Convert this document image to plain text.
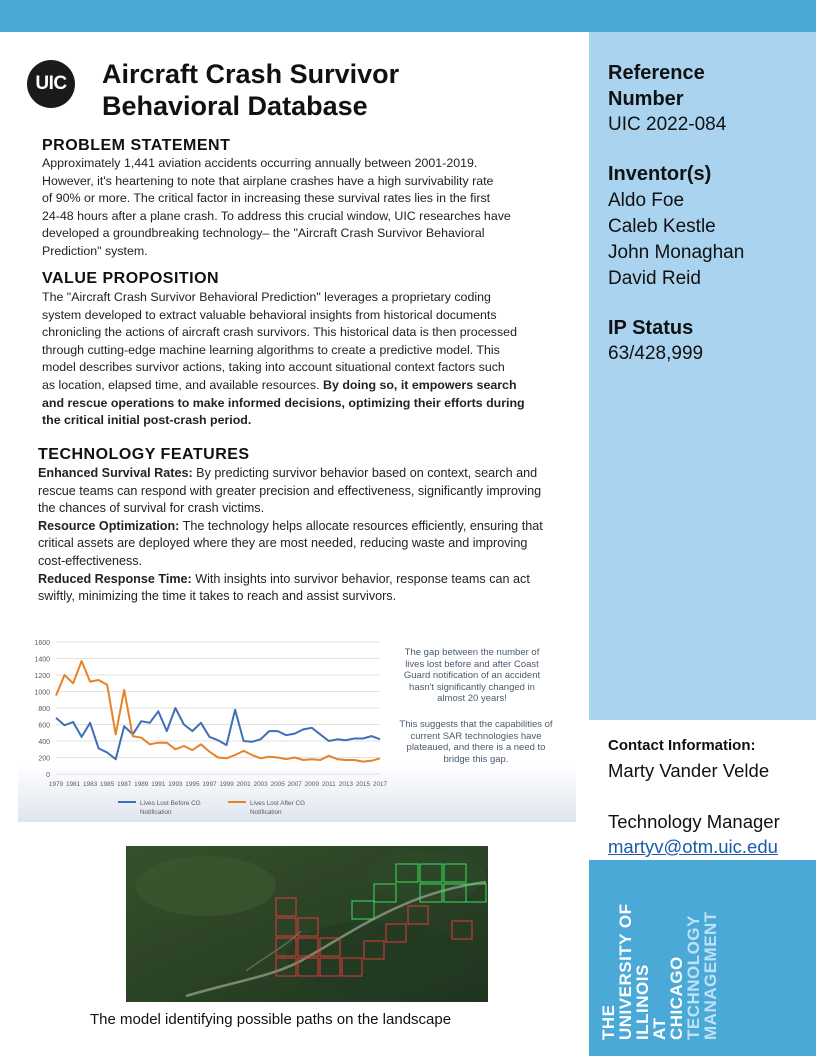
UIC	Aircraft Crash Survivor
Behavioral Database
PROBLEM STATEMENT
Approximately 1,441 aviation accidents occurring annually between 2001-2019.
However, it's heartening to note that airplane crashes have a high survivability rate
of 90% or more. The critical factor in increasing these survival rates lies in the first
24-48 hours after a plane crash. To address this crucial window, UIC researches have
developed a groundbreaking technology– the "Aircraft Crash Survivor Behavioral
Prediction" system.
VALUE PROPOSITION
The "Aircraft Crash Survivor Behavioral Prediction" leverages a proprietary coding
system developed to extract valuable behavioral insights from historical documents
chronicling the actions of aircraft crash survivors. This historical data is then processed
through cutting-edge machine learning algorithms to create a predictive model. This
model describes survivor actions, taking into account situational context factors such
as location, elapsed time, and available resources. By doing so, it empowers search
and rescue operations to make informed decisions, optimizing their efforts during
the critical initial post-crash period.
TECHNOLOGY FEATURES
Enhanced Survival Rates: By predicting survivor behavior based on context, search and
rescue teams can respond with greater precision and effectiveness, significantly improving
the chances of survival for crash victims.
Resource Optimization: The technology helps allocate resources efficiently, ensuring that
critical assets are deployed where they are most needed, reducing waste and improving
cost-effectiveness.
Reduced Response Time: With insights into survivor behavior, response teams can act
swiftly, minimizing the time it takes to reach and assist survivors.
Reference
Number
UIC 2022-084
Inventor(s)
Aldo Foe
Caleb Kestle
John Monaghan
David Reid
IP Status
63/428,999
Contact Information:
Marty Vander Velde
Technology Manager
martyv@otm.uic.edu
THE
UNIVERSITY OF
ILLINOIS
AT
CHICAGO
TECHNOLOGY
MANAGEMENT
0
200
400
600
800
1000
1200
1400
1600
1979 1981 1983 1985 1987 1989 1991 1993 1995 1997 1999 2001 2003 2005 2007 2009 2011 2013 2015 2017
Lives Lost Before CG
Notification
Lives Lost After CG
Notification
The gap between the number of
lives lost before and after Coast
Guard notification of an accident
hasn't significantly changed in
almost 20 years!
This suggests that the capabilities of
current SAR technologies have
plateaued, and there is a need to
bridge this gap.
The model identifying possible paths on the landscape
